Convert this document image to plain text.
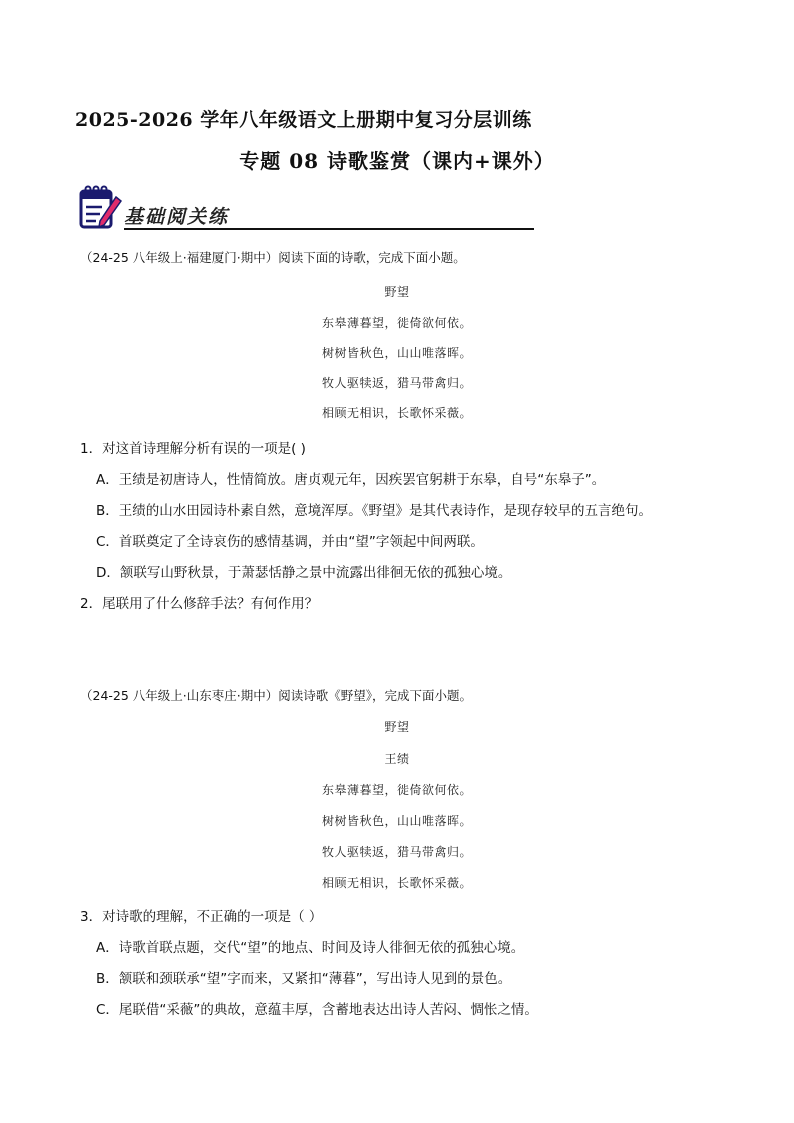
2025-2026 学年八年级语文上册期中复习分层训练
专题 08 诗歌鉴赏（课内+课外）
基础阅关练
（24-25 八年级上·福建厦门·期中）阅读下面的诗歌，完成下面小题。
野望
东皋薄暮望，徙倚欲何依。
树树皆秋色，山山唯落晖。
牧人驱犊返，猎马带禽归。
相顾无相识，长歌怀采薇。
1．对这首诗理解分析有误的一项是( )
A．王绩是初唐诗人，性情简放。唐贞观元年，因疾罢官躬耕于东皋，自号“东皋子”。
B．王绩的山水田园诗朴素自然，意境浑厚。《野望》是其代表诗作，是现存较早的五言绝句。
C．首联奠定了全诗哀伤的感情基调，并由“望”字领起中间两联。
D．颔联写山野秋景，于萧瑟恬静之景中流露出徘徊无依的孤独心境。
2．尾联用了什么修辞手法？有何作用？
（24-25 八年级上·山东枣庄·期中）阅读诗歌《野望》，完成下面小题。
野望
王绩
东皋薄暮望，徙倚欲何依。
树树皆秋色，山山唯落晖。
牧人驱犊返，猎马带禽归。
相顾无相识，长歌怀采薇。
3．对诗歌的理解，不正确的一项是（ ）
A．诗歌首联点题，交代“望”的地点、时间及诗人徘徊无依的孤独心境。
B．颔联和颈联承“望”字而来，又紧扣“薄暮”，写出诗人见到的景色。
C．尾联借“采薇”的典故，意蕴丰厚，含蓄地表达出诗人苦闷、惆怅之情。
